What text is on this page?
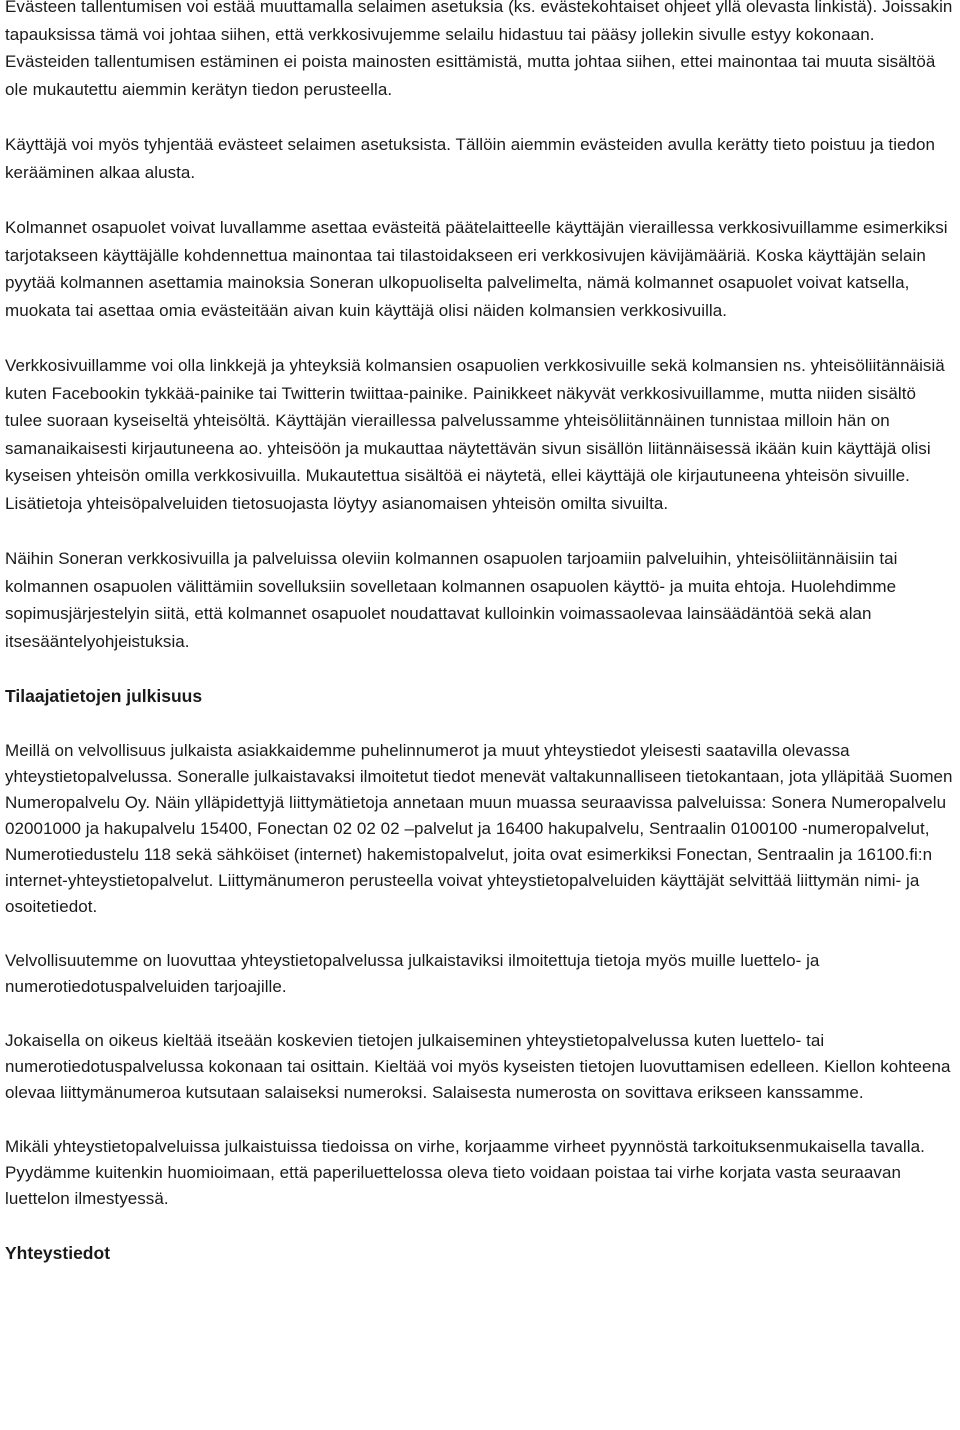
Evästeen tallentumisen voi estää muuttamalla selaimen asetuksia (ks. evästekohtaiset ohjeet yllä olevasta linkistä). Joissakin tapauksissa tämä voi johtaa siihen, että verkkosivujemme selailu hidastuu tai pääsy jollekin sivulle estyy kokonaan. Evästeiden tallentumisen estäminen ei poista mainosten esittämistä, mutta johtaa siihen, ettei mainontaa tai muuta sisältöä ole mukautettu aiemmin kerätyn tiedon perusteella.

Käyttäjä voi myös tyhjentää evästeet selaimen asetuksista. Tällöin aiemmin evästeiden avulla kerätty tieto poistuu ja tiedon kerääminen alkaa alusta.

Kolmannet osapuolet voivat luvallamme asettaa evästeitä päätelaitteelle käyttäjän vieraillessa verkkosivuillamme esimerkiksi tarjotakseen käyttäjälle kohdennettua mainontaa tai tilastoidakseen eri verkkosivujen kävijämääriä. Koska käyttäjän selain pyytää kolmannen asettamia mainoksia Soneran ulkopuoliselta palvelimelta, nämä kolmannet osapuolet voivat katsella, muokata tai asettaa omia evästeitään aivan kuin käyttäjä olisi näiden kolmansien verkkosivuilla.

Verkkosivuillamme voi olla linkkejä ja yhteyksiä kolmansien osapuolien verkkosivuille sekä kolmansien ns. yhteisöliitännäisiä kuten Facebookin tykkää-painike tai Twitterin twiittaa-painike. Painikkeet näkyvät verkkosivuillamme, mutta niiden sisältö tulee suoraan kyseiseltä yhteisöltä. Käyttäjän vieraillessa palvelussamme yhteisöliitännäinen tunnistaa milloin hän on samanaikaisesti kirjautuneena ao. yhteisöön ja mukauttaa näytettävän sivun sisällön liitännäisessä ikään kuin käyttäjä olisi kyseisen yhteisön omilla verkkosivuilla. Mukautettua sisältöä ei näytetä, ellei käyttäjä ole kirjautuneena yhteisön sivuille. Lisätietoja yhteisöpalveluiden tietosuojasta löytyy asianomaisen yhteisön omilta sivuilta.

Näihin Soneran verkkosivuilla ja palveluissa oleviin kolmannen osapuolen tarjoamiin palveluihin, yhteisöliitännäisiin tai kolmannen osapuolen välittämiin sovelluksiin sovelletaan kolmannen osapuolen käyttö- ja muita ehtoja. Huolehdimme sopimusjärjestelyin siitä, että kolmannet osapuolet noudattavat kulloinkin voimassaolevaa lainsäädäntöä sekä alan itsesääntelyohjeistuksia.

Tilaajatietojen julkisuus

Meillä on velvollisuus julkaista asiakkaidemme puhelinnumerot ja muut yhteystiedot yleisesti saatavilla olevassa yhteystietopalvelussa. Soneralle julkaistavaksi ilmoitetut tiedot menevät valtakunnalliseen tietokantaan, jota ylläpitää Suomen Numeropalvelu Oy. Näin ylläpidettyjä liittymätietoja annetaan muun muassa seuraavissa palveluissa: Sonera Numeropalvelu 02001000 ja hakupalvelu 15400, Fonectan 02 02 02 –palvelut ja 16400 hakupalvelu, Sentraalin 0100100 -numeropalvelut, Numerotiedustelu 118 sekä sähköiset (internet) hakemistopalvelut, joita ovat esimerkiksi Fonectan, Sentraalin ja 16100.fi:n internet-yhteystietopalvelut. Liittymänumeron perusteella voivat yhteystietopalveluiden käyttäjät selvittää liittymän nimi- ja osoitetiedot.

Velvollisuutemme on luovuttaa yhteystietopalvelussa julkaistaviksi ilmoitettuja tietoja myös muille luettelo- ja numerotiedotuspalveluiden tarjoajille.

Jokaisella on oikeus kieltää itseään koskevien tietojen julkaiseminen yhteystietopalvelussa kuten luettelo- tai numerotiedotuspalvelussa kokonaan tai osittain. Kieltää voi myös kyseisten tietojen luovuttamisen edelleen. Kiellon kohteena olevaa liittymänumeroa kutsutaan salaiseksi numeroksi. Salaisesta numerosta on sovittava erikseen kanssamme.

Mikäli yhteystietopalveluissa julkaistuissa tiedoissa on virhe, korjaamme virheet pyynnöstä tarkoituksenmukaisella tavalla. Pyydämme kuitenkin huomioimaan, että paperiluettelossa oleva tieto voidaan poistaa tai virhe korjata vasta seuraavan luettelon ilmestyessä.

Yhteystiedot
